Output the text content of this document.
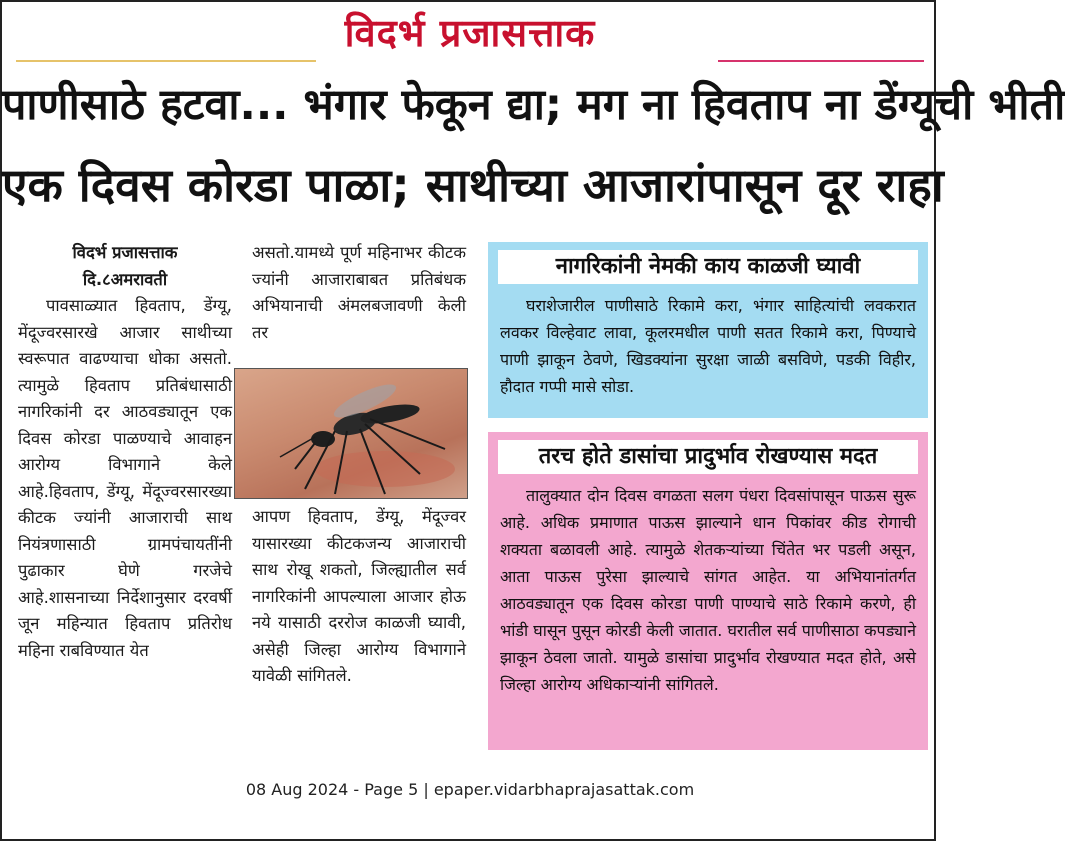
विदर्भ प्रजासत्ताक
पाणीसाठे हटवा... भंगार फेकून द्या; मग ना हिवताप ना डेंग्यूची भीती
एक दिवस कोरडा पाळा; साथीच्या आजारांपासून दूर राहा
विदर्भ प्रजासत्ताक
दि.८अमरावती
पावसाळ्यात हिवताप, डेंग्यू, मेंदूज्वरसारखे आजार साथीच्या स्वरूपात वाढण्याचा धोका असतो. त्यामुळे हिवताप प्रतिबंधासाठी नागरिकांनी दर आठवड्यातून एक दिवस कोरडा पाळण्याचे आवाहन आरोग्य विभागाने केले आहे.हिवताप, डेंग्यू, मेंदूज्वरसारख्या कीटक ज्यांनी आजाराची साथ नियंत्रणासाठी ग्रामपंचायतींनी पुढाकार घेणे गरजेचे आहे.शासनाच्या निर्देशानुसार दरवर्षी जून महिन्यात हिवताप प्रतिरोध महिना राबविण्यात येत
असतो.यामध्ये पूर्ण महिनाभर कीटक ज्यांनी आजाराबाबत प्रतिबंधक अभियानाची अंमलबजावणी केली तर
आपण हिवताप, डेंग्यू, मेंदूज्वर यासारख्या कीटकजन्य आजाराची साथ रोखू शकतो, जिल्ह्यातील सर्व नागरिकांनी आपल्याला आजार होऊ नये यासाठी दररोज काळजी घ्यावी, असेही जिल्हा आरोग्य विभागाने यावेळी सांगितले.
नागरिकांनी नेमकी काय काळजी घ्यावी
घराशेजारील पाणीसाठे रिकामे करा, भंगार साहित्यांची लवकरात लवकर विल्हेवाट लावा, कूलरमधील पाणी सतत रिकामे करा, पिण्याचे पाणी झाकून ठेवणे, खिडक्यांना सुरक्षा जाळी बसविणे, पडकी विहीर, हौदात गप्पी मासे सोडा.
तरच होते डासांचा प्रादुर्भाव रोखण्यास मदत
तालुक्यात दोन दिवस वगळता सलग पंधरा दिवसांपासून पाऊस सुरू आहे. अधिक प्रमाणात पाऊस झाल्याने धान पिकांवर कीड रोगाची शक्यता बळावली आहे. त्यामुळे शेतकऱ्यांच्या चिंतेत भर पडली असून, आता पाऊस पुरेसा झाल्याचे सांगत आहेत. या अभियानांतर्गत आठवड्यातून एक दिवस कोरडा पाणी पाण्याचे साठे रिकामे करणे, ही भांडी घासून पुसून कोरडी केली जातात. घरातील सर्व पाणीसाठा कपड्याने झाकून ठेवला जातो. यामुळे डासांचा प्रादुर्भाव रोखण्यात मदत होते, असे जिल्हा आरोग्य अधिकाऱ्यांनी सांगितले.
08 Aug 2024 - Page 5 | epaper.vidarbhaprajasattak.com
